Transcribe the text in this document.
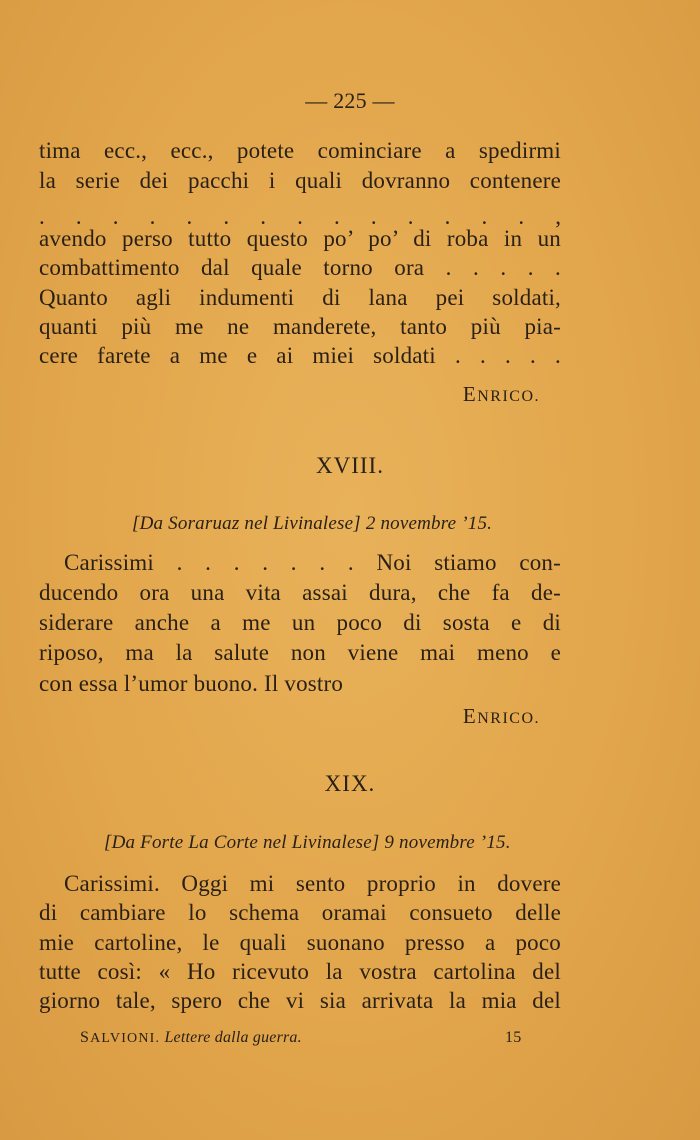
— 225 —
tima ecc., ecc., potete cominciare a spedirmi
la serie dei pacchi i quali dovranno contenere
. . . . . . . . . . . . . . ,
avendo perso tutto questo po’ po’ di roba in un
combattimento dal quale torno ora . . . . .
Quanto agli indumenti di lana pei soldati,
quanti più me ne manderete, tanto più pia-
cere farete a me e ai miei soldati . . . . .
ENRICO.
XVIII.
[Da Soraruaz nel Livinalese] 2 novembre ’15.
Carissimi . . . . . . . Noi stiamo con-
ducendo ora una vita assai dura, che fa de-
siderare anche a me un poco di sosta e di
riposo, ma la salute non viene mai meno e
con essa l’umor buono. Il vostro
ENRICO.
XIX.
[Da Forte La Corte nel Livinalese] 9 novembre ’15.
Carissimi. Oggi mi sento proprio in dovere
di cambiare lo schema oramai consueto delle
mie cartoline, le quali suonano presso a poco
tutte così: « Ho ricevuto la vostra cartolina del
giorno tale, spero che vi sia arrivata la mia del
SALVIONI. Lettere dalla guerra.	15
